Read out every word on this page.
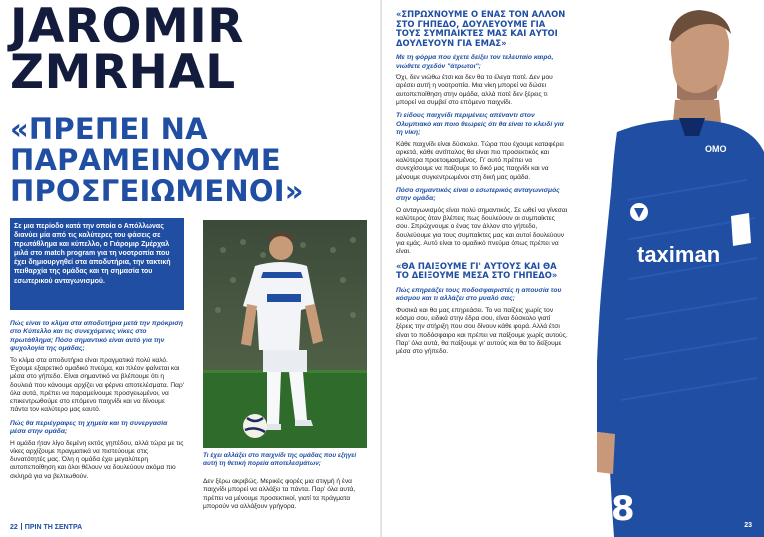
JAROMIR
ZMRHAL
«ΠΡΕΠΕΙ ΝΑ
ΠΑΡΑΜΕΙΝΟΥΜΕ
ΠΡΟΣΓΕΙΩΜΕΝΟΙ»
Σε μια περίοδο κατά την οποία ο Απόλλωνας διανύει μία από τις καλύτερες του φάσεις σε πρωτάθλημα και κύπελλο, ο Γιάρομιρ Ζμέρχαλ μιλά στο match program για τη νοοτροπία που έχει δημιουργηθεί στα αποδυτήρια, την τακτική πειθαρχία της ομάδας και τη σημασία του εσωτερικού ανταγωνισμού.

Πώς είναι το κλίμα στα αποδυτήρια μετά την πρόκριση στο Κύπελλο και τις συνεχόμενες νίκες στο πρωτάθλημα; Πόσο σημαντικό είναι αυτό για την ψυχολογία της ομάδας;

Το κλίμα στα αποδυτήρια είναι πραγματικά πολύ καλό. Έχουμε εξαιρετικό ομαδικό πνεύμα, και πλέον φαίνεται και μέσα στο γήπεδο. Είναι σημαντικό να βλέπουμε ότι η δουλειά που κάνουμε αρχίζει να φέρνει αποτελέσματα. Παρ' όλα αυτά, πρέπει να παραμείνουμε προσγειωμένοι, να επικεντρωθούμε στο επόμενο παιχνίδι και να δίνουμε πάντα τον καλύτερο μας εαυτό.

Πώς θα περιέγραφες τη χημεία και τη συνεργασία μέσα στην ομάδα;

Η ομάδα ήταν λίγο δεμένη εκτός γηπέδου, αλλά τώρα με τις νίκες αρχίζουμε πραγματικά να πιστεύουμε στις δυνατότητές μας. Όλη η ομάδα έχει μεγαλύτερη αυτοπεποίθηση και όλοι θέλουν να δουλεύουν ακόμα πιο σκληρά για να βελτιωθούν.

Τι έχει αλλάξει στο παιχνίδι της ομάδας που εξηγεί αυτή τη θετική πορεία αποτελεσμάτων;

Δεν ξέρω ακριβώς. Μερικές φορές μια στιγμή ή ένα παιχνίδι μπορεί να αλλάξει τα πάντα. Παρ' όλα αυτά, πρέπει να μένουμε προσεκτικοί, γιατί τα πράγματα μπορούν να αλλάξουν γρήγορα.

22 ΠΡΙΝ ΤΗ ΣΕΝΤΡΑ

«ΣΠΡΩΧΝΟΥΜΕ Ο ΕΝΑΣ ΤΟΝ ΑΛΛΟΝ ΣΤΟ ΓΗΠΕΔΟ, ΔΟΥΛΕΥΟΥΜΕ ΓΙΑ ΤΟΥΣ ΣΥΜΠΑΙΚΤΕΣ ΜΑΣ ΚΑΙ ΑΥΤΟΙ ΔΟΥΛΕΥΟΥΝ ΓΙΑ ΕΜΑΣ»

Με τη φόρμα που έχετε δείξει τον τελευταίο καιρό, νιώθετε σχεδόν "άτρωτοι";

Όχι, δεν νιώθω έτσι και δεν θα το έλεγα ποτέ. Δεν μου αρέσει αυτή η νοοτροπία. Μια νίκη μπορεί να δώσει αυτοπεποίθηση στην ομάδα, αλλά ποτέ δεν ξέρεις τι μπορεί να συμβεί στο επόμενο παιχνίδι.

Τι είδους παιχνίδι περιμένεις απέναντι στον Ολυμπιακό και ποιο θεωρείς ότι θα είναι το κλειδί για τη νίκη;

Κάθε παιχνίδι είναι δύσκολο. Τώρα που έχουμε καταφέρει αρκετά, κάθε αντίπαλος θα είναι πιο προσεκτικός και καλύτερα προετοιμασμένος. Γι' αυτό πρέπει να συνεχίσουμε να παίζουμε το δικό μας παιχνίδι και να μένουμε συγκεντρωμένοι στη δική μας ομάδα.

Πόσο σημαντικός είναι ο εσωτερικός ανταγωνισμός στην ομάδα;

Ο ανταγωνισμός είναι πολύ σημαντικός. Σε ωθεί να γίνεσαι καλύτερος όταν βλέπεις πως δουλεύουν οι συμπαίκτες σου. Σπρώχνουμε ο ένας τον άλλον στο γήπεδο, δουλεύουμε για τους συμπαίκτες μας και αυτοί δουλεύουν για εμάς. Αυτό είναι το ομαδικό πνεύμα όπως πρέπει να είναι.

«ΘΑ ΠΑΙΞΟΥΜΕ ΓΙ' ΑΥΤΟΥΣ ΚΑΙ ΘΑ ΤΟ ΔΕΙΞΟΥΜΕ ΜΕΣΑ ΣΤΟ ΓΗΠΕΔΟ»

Πώς επηρεάζει τους ποδοσφαιριστές η απουσία του κόσμου και τι αλλάζει στο μυαλό σας;

Φυσικά και θα μας επηρεάσει. Το να παίζεις χωρίς τον κόσμο σου, ειδικά στην έδρα σου, είναι δύσκολο γιατί ξέρεις την στήριξη που σου δίνουν κάθε φορά. Αλλά έτσι είναι το ποδόσφαιρο και πρέπει να παίξουμε χωρίς αυτούς. Παρ' όλα αυτά, θα παίξουμε γι' αυτούς και θα το δείξουμε μέσα στο γήπεδο.

OMO
taximan
8	23
